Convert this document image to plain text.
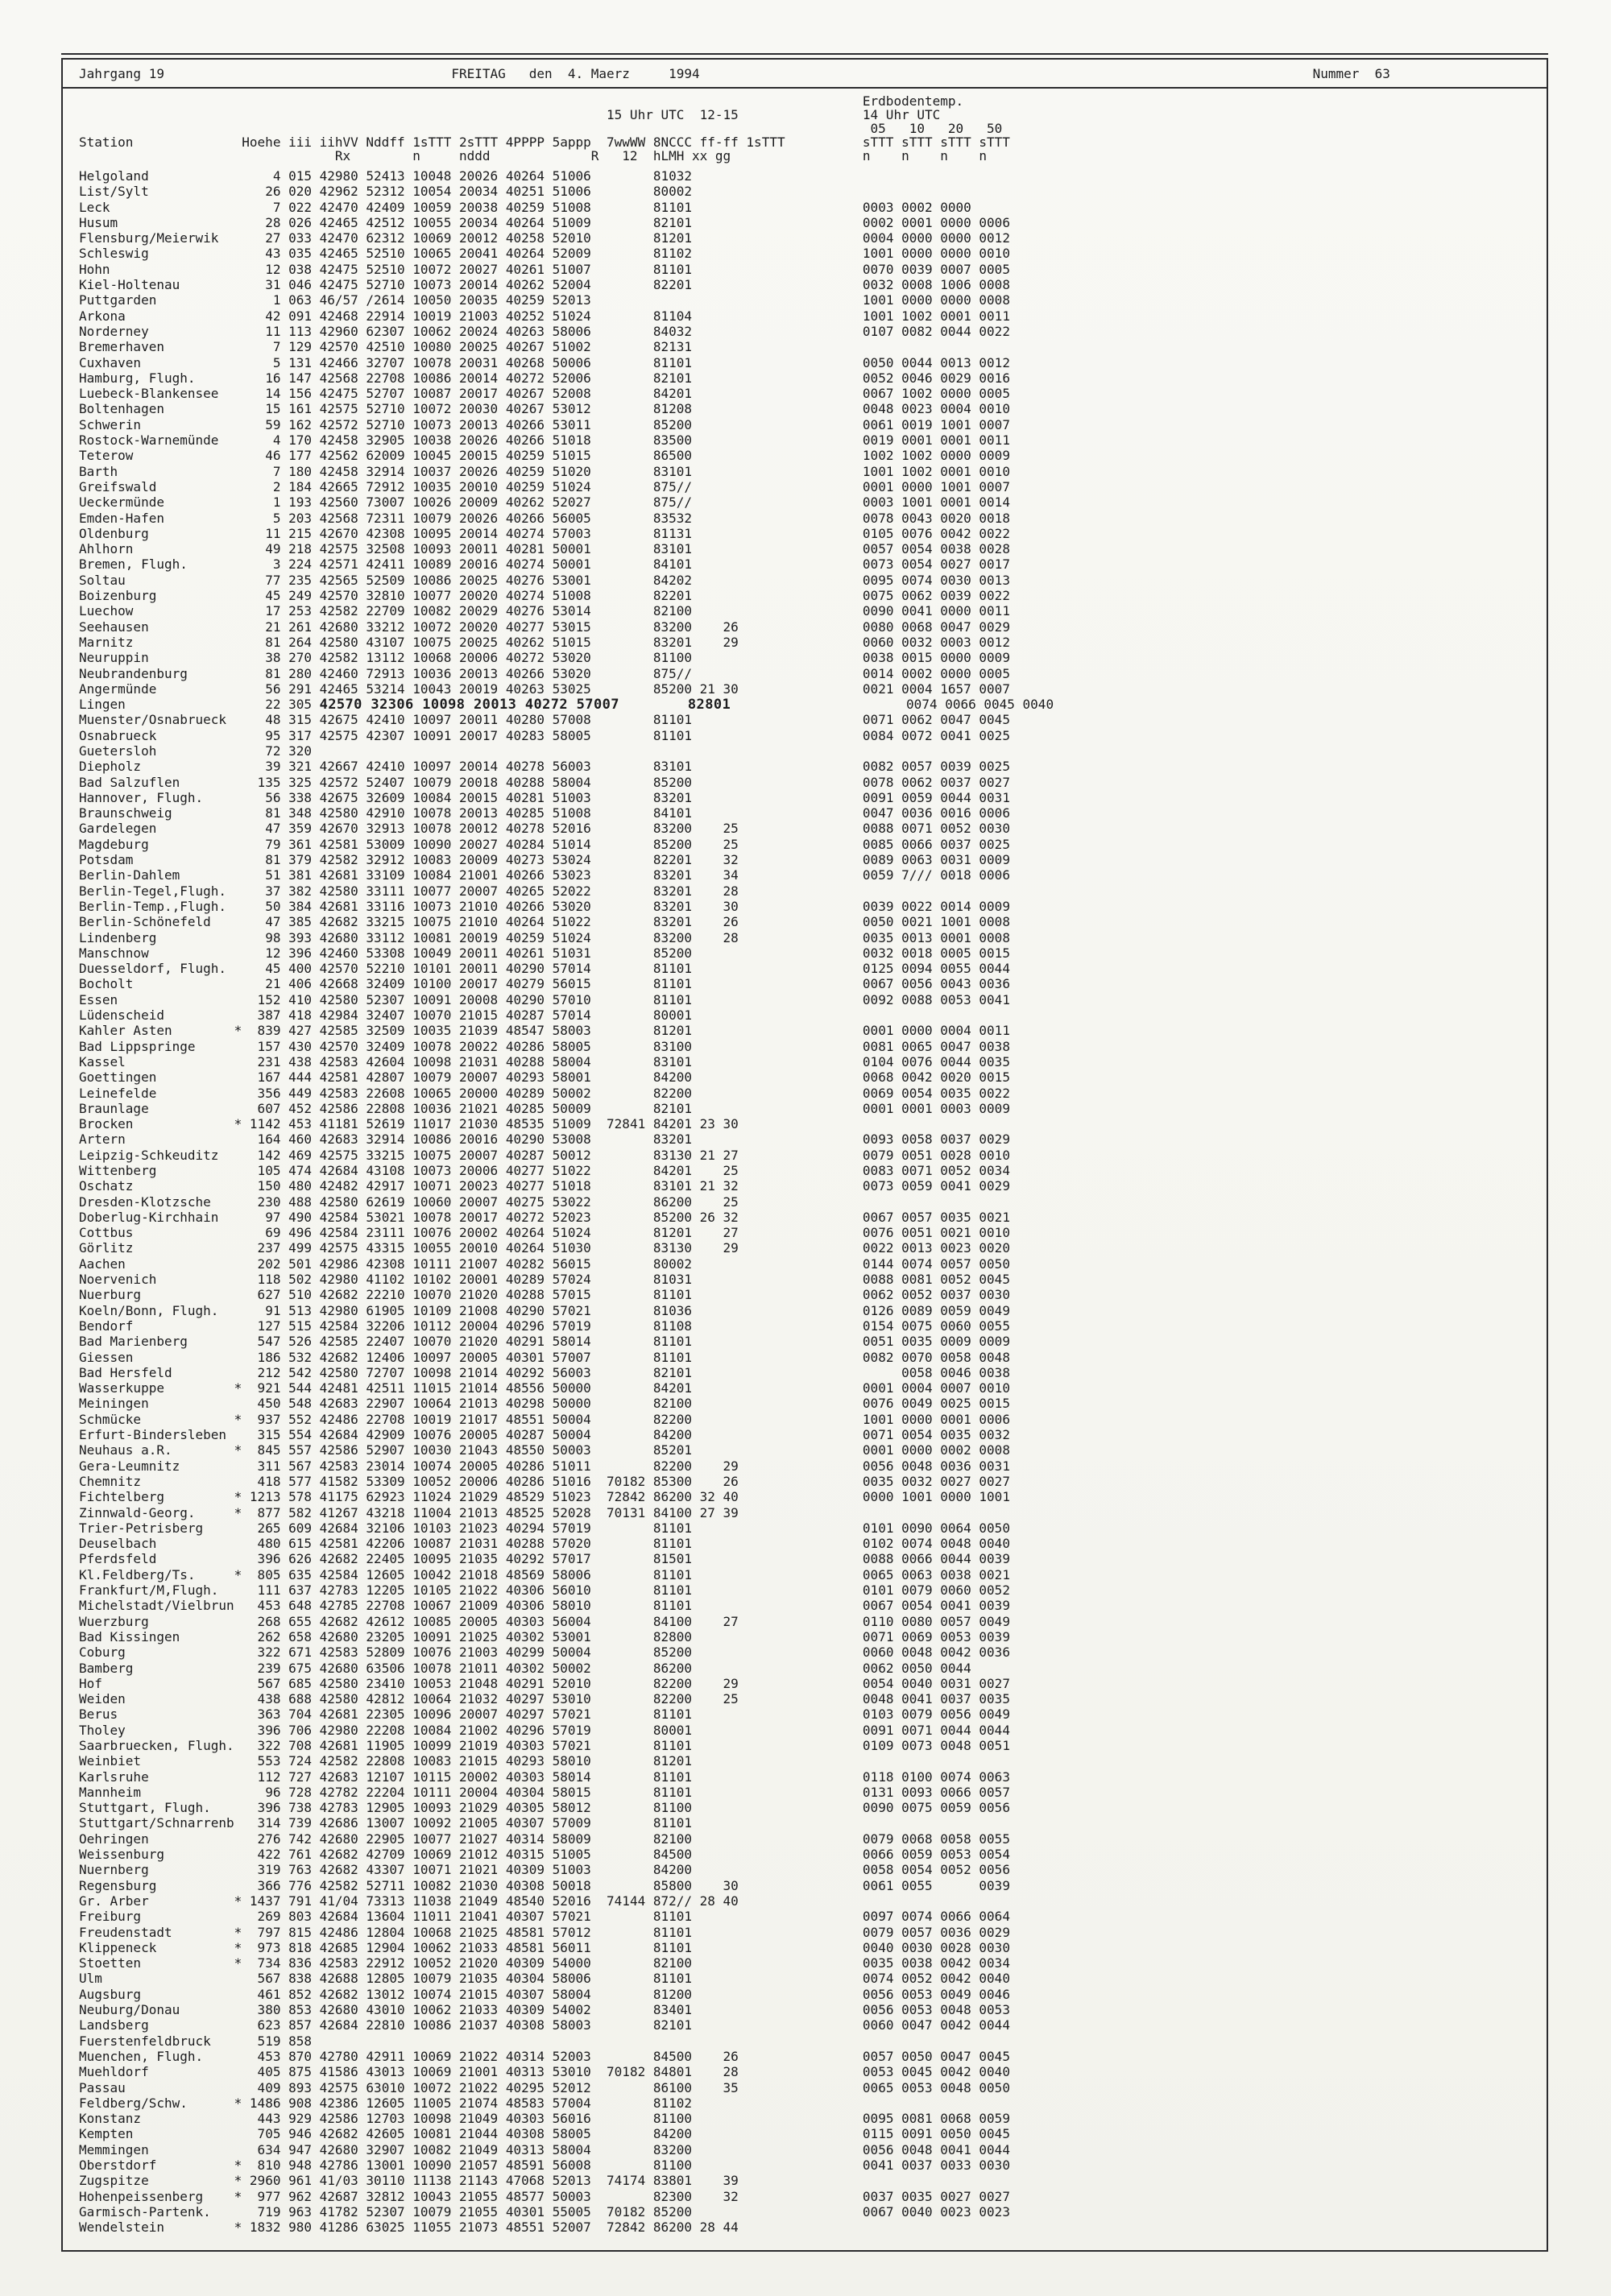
Jahrgang 19

	FREITAG

den  4. Maerz

	1994

	Nummer  63

Erdbodentemp.

15 Uhr UTC

12-15

	14 Uhr UTC

05   10   20   50

Station	Hoehe iii iihVV Nddff 1sTTT 2sTTT 4PPPP 5appp 7wwWW 8NCCC ff-ff 1sTTT	sTTT sTTT sTTT sTTT
Rx	n	nddd	R 12 hLMH xx gg	n n n n
Helgoland                4 015 42980 52413 10048 20026 40264 51006        81032
List/Sylt               26 020 42962 52312 10054 20034 40251 51006        80002
Leck                     7 022 42470 42409 10059 20038 40259 51008        81101                      0003 0002 0000
Husum                   28 026 42465 42512 10055 20034 40264 51009        82101                      0002 0001 0000 0006
Flensburg/Meierwik      27 033 42470 62312 10069 20012 40258 52010        81201                      0004 0000 0000 0012
Schleswig               43 035 42465 52510 10065 20041 40264 52009        81102                      1001 0000 0000 0010
Hohn                    12 038 42475 52510 10072 20027 40261 51007        81101                      0070 0039 0007 0005
Kiel-Holtenau           31 046 42475 52710 10073 20014 40262 52004        82201                      0032 0008 1006 0008
Puttgarden               1 063 46/57 /2614 10050 20035 40259 52013                                   1001 0000 0000 0008
Arkona                  42 091 42468 22914 10019 21003 40252 51024        81104                      1001 1002 0001 0011
Norderney               11 113 42960 62307 10062 20024 40263 58006        84032                      0107 0082 0044 0022
Bremerhaven              7 129 42570 42510 10080 20025 40267 51002        82131
Cuxhaven                 5 131 42466 32707 10078 20031 40268 50006        81101                      0050 0044 0013 0012
Hamburg, Flugh.         16 147 42568 22708 10086 20014 40272 52006        82101                      0052 0046 0029 0016
Luebeck-Blankensee      14 156 42475 52707 10087 20017 40267 52008        84201                      0067 1002 0000 0005
Boltenhagen             15 161 42575 52710 10072 20030 40267 53012        81208                      0048 0023 0004 0010
Schwerin                59 162 42572 52710 10073 20013 40266 53011        85200                      0061 0019 1001 0007
Rostock-Warnemünde       4 170 42458 32905 10038 20026 40266 51018        83500                      0019 0001 0001 0011
Teterow                 46 177 42562 62009 10045 20015 40259 51015        86500                      1002 1002 0000 0009
Barth                    7 180 42458 32914 10037 20026 40259 51020        83101                      1001 1002 0001 0010
Greifswald               2 184 42665 72912 10035 20010 40259 51024        875//                      0001 0000 1001 0007
Ueckermünde              1 193 42560 73007 10026 20009 40262 52027        875//                      0003 1001 0001 0014
Emden-Hafen              5 203 42568 72311 10079 20026 40266 56005        83532                      0078 0043 0020 0018
Oldenburg               11 215 42670 42308 10095 20014 40274 57003        81131                      0105 0076 0042 0022
Ahlhorn                 49 218 42575 32508 10093 20011 40281 50001        83101                      0057 0054 0038 0028
Bremen, Flugh.           3 224 42571 42411 10089 20016 40274 50001        84101                      0073 0054 0027 0017
Soltau                  77 235 42565 52509 10086 20025 40276 53001        84202                      0095 0074 0030 0013
Boizenburg              45 249 42570 32810 10077 20020 40274 51008        82201                      0075 0062 0039 0022
Luechow                 17 253 42582 22709 10082 20029 40276 53014        82100                      0090 0041 0000 0011
Seehausen               21 261 42680 33212 10072 20020 40277 53015        83200    26                0080 0068 0047 0029
Marnitz                 81 264 42580 43107 10075 20025 40262 51015        83201    29                0060 0032 0003 0012
Neuruppin               38 270 42582 13112 10068 20006 40272 53020        81100                      0038 0015 0000 0009
Neubrandenburg          81 280 42460 72913 10036 20013 40266 53020        875//                      0014 0002 0000 0005
Angermünde              56 291 42465 53214 10043 20019 40263 53025        85200 21 30                0021 0004 1657 0007
Lingen                  22 305 42570 32306 10098 20013 40272 57007        82801                      0074 0066 0045 0040
Muenster/Osnabrueck     48 315 42675 42410 10097 20011 40280 57008        81101                      0071 0062 0047 0045
Osnabrueck              95 317 42575 42307 10091 20017 40283 58005        81101                      0084 0072 0041 0025
Guetersloh              72 320
Diepholz                39 321 42667 42410 10097 20014 40278 56003        83101                      0082 0057 0039 0025
Bad Salzuflen          135 325 42572 52407 10079 20018 40288 58004        85200                      0078 0062 0037 0027
Hannover, Flugh.        56 338 42675 32609 10084 20015 40281 51003        83201                      0091 0059 0044 0031
Braunschweig            81 348 42580 42910 10078 20013 40285 51008        84101                      0047 0036 0016 0006
Gardelegen              47 359 42670 32913 10078 20012 40278 52016        83200    25                0088 0071 0052 0030
Magdeburg               79 361 42581 53009 10090 20027 40284 51014        85200    25                0085 0066 0037 0025
Potsdam                 81 379 42582 32912 10083 20009 40273 53024        82201    32                0089 0063 0031 0009
Berlin-Dahlem           51 381 42681 33109 10084 21001 40266 53023        83201    34                0059 7/// 0018 0006
Berlin-Tegel,Flugh.     37 382 42580 33111 10077 20007 40265 52022        83201    28
Berlin-Temp.,Flugh.     50 384 42681 33116 10073 21010 40266 53020        83201    30                0039 0022 0014 0009
Berlin-Schönefeld       47 385 42682 33215 10075 21010 40264 51022        83201    26                0050 0021 1001 0008
Lindenberg              98 393 42680 33112 10081 20019 40259 51024        83200    28                0035 0013 0001 0008
Manschnow               12 396 42460 53308 10049 20011 40261 51031        85200                      0032 0018 0005 0015
Duesseldorf, Flugh.     45 400 42570 52210 10101 20011 40290 57014        81101                      0125 0094 0055 0044
Bocholt                 21 406 42668 32409 10100 20017 40279 56015        81101                      0067 0056 0043 0036
Essen                  152 410 42580 52307 10091 20008 40290 57010        81101                      0092 0088 0053 0041
Lüdenscheid            387 418 42984 32407 10070 21015 40287 57014        80001
Kahler Asten        *  839 427 42585 32509 10035 21039 48547 58003        81201                      0001 0000 0004 0011
Bad Lippspringe        157 430 42570 32409 10078 20022 40286 58005        83100                      0081 0065 0047 0038
Kassel                 231 438 42583 42604 10098 21031 40288 58004        83101                      0104 0076 0044 0035
Goettingen             167 444 42581 42807 10079 20007 40293 58001        84200                      0068 0042 0020 0015
Leinefelde             356 449 42583 22608 10065 20000 40289 50002        82200                      0069 0054 0035 0022
Braunlage              607 452 42586 22808 10036 21021 40285 50009        82101                      0001 0001 0003 0009
Brocken             * 1142 453 41181 52619 11017 21030 48535 51009  72841 84201 23 30
Artern                 164 460 42683 32914 10086 20016 40290 53008        83201                      0093 0058 0037 0029
Leipzig-Schkeuditz     142 469 42575 33215 10075 20007 40287 50012        83130 21 27                0079 0051 0028 0010
Wittenberg             105 474 42684 43108 10073 20006 40277 51022        84201    25                0083 0071 0052 0034
Oschatz                150 480 42482 42917 10071 20023 40277 51018        83101 21 32                0073 0059 0041 0029
Dresden-Klotzsche      230 488 42580 62619 10060 20007 40275 53022        86200    25
Doberlug-Kirchhain      97 490 42584 53021 10078 20017 40272 52023        85200 26 32                0067 0057 0035 0021
Cottbus                 69 496 42584 23111 10076 20002 40264 51024        81201    27                0076 0051 0021 0010
Görlitz                237 499 42575 43315 10055 20010 40264 51030        83130    29                0022 0013 0023 0020
Aachen                 202 501 42986 42308 10111 21007 40282 56015        80002                      0144 0074 0057 0050
Noervenich             118 502 42980 41102 10102 20001 40289 57024        81031                      0088 0081 0052 0045
Nuerburg               627 510 42682 22210 10070 21020 40288 57015        81101                      0062 0052 0037 0030
Koeln/Bonn, Flugh.      91 513 42980 61905 10109 21008 40290 57021        81036                      0126 0089 0059 0049
Bendorf                127 515 42584 32206 10112 20004 40296 57019        81108                      0154 0075 0060 0055
Bad Marienberg         547 526 42585 22407 10070 21020 40291 58014        81101                      0051 0035 0009 0009
Giessen                186 532 42682 12406 10097 20005 40301 57007        81101                      0082 0070 0058 0048
Bad Hersfeld           212 542 42580 72707 10098 21014 40292 56003        82101                           0058 0046 0038
Wasserkuppe         *  921 544 42481 42511 11015 21014 48556 50000        84201                      0001 0004 0007 0010
Meiningen              450 548 42683 22907 10064 21013 40298 50000        82100                      0076 0049 0025 0015
Schmücke            *  937 552 42486 22708 10019 21017 48551 50004        82200                      1001 0000 0001 0006
Erfurt-Bindersleben    315 554 42684 42909 10076 20005 40287 50004        84200                      0071 0054 0035 0032
Neuhaus a.R.        *  845 557 42586 52907 10030 21043 48550 50003        85201                      0001 0000 0002 0008
Gera-Leumnitz          311 567 42583 23014 10074 20005 40286 51011        82200    29                0056 0048 0036 0031
Chemnitz               418 577 41582 53309 10052 20006 40286 51016  70182 85300    26                0035 0032 0027 0027
Fichtelberg         * 1213 578 41175 62923 11024 21029 48529 51023  72842 86200 32 40                0000 1001 0000 1001
Zinnwald-Georg.     *  877 582 41267 43218 11004 21013 48525 52028  70131 84100 27 39
Trier-Petrisberg       265 609 42684 32106 10103 21023 40294 57019        81101                      0101 0090 0064 0050
Deuselbach             480 615 42581 42206 10087 21031 40288 57020        81101                      0102 0074 0048 0040
Pferdsfeld             396 626 42682 22405 10095 21035 40292 57017        81501                      0088 0066 0044 0039
Kl.Feldberg/Ts.     *  805 635 42584 12605 10042 21018 48569 58006        81101                      0065 0063 0038 0021
Frankfurt/M,Flugh.     111 637 42783 12205 10105 21022 40306 56010        81101                      0101 0079 0060 0052
Michelstadt/Vielbrun   453 648 42785 22708 10067 21009 40306 58010        81101                      0067 0054 0041 0039
Wuerzburg              268 655 42682 42612 10085 20005 40303 56004        84100    27                0110 0080 0057 0049
Bad Kissingen          262 658 42680 23205 10091 21025 40302 53001        82800                      0071 0069 0053 0039
Coburg                 322 671 42583 52809 10076 21003 40299 50004        85200                      0060 0048 0042 0036
Bamberg                239 675 42680 63506 10078 21011 40302 50002        86200                      0062 0050 0044
Hof                    567 685 42580 23410 10053 21048 40291 52010        82200    29                0054 0040 0031 0027
Weiden                 438 688 42580 42812 10064 21032 40297 53010        82200    25                0048 0041 0037 0035
Berus                  363 704 42681 22305 10096 20007 40297 57021        81101                      0103 0079 0056 0049
Tholey                 396 706 42980 22208 10084 21002 40296 57019        80001                      0091 0071 0044 0044
Saarbruecken, Flugh.   322 708 42681 11905 10099 21019 40303 57021        81101                      0109 0073 0048 0051
Weinbiet               553 724 42582 22808 10083 21015 40293 58010        81201
Karlsruhe              112 727 42683 12107 10115 20002 40303 58014        81101                      0118 0100 0074 0063
Mannheim                96 728 42782 22204 10111 20004 40304 58015        81101                      0131 0093 0066 0057
Stuttgart, Flugh.      396 738 42783 12905 10093 21029 40305 58012        81100                      0090 0075 0059 0056
Stuttgart/Schnarrenb   314 739 42686 13007 10092 21005 40307 57009        81101
Oehringen              276 742 42680 22905 10077 21027 40314 58009        82100                      0079 0068 0058 0055
Weissenburg            422 761 42682 42709 10069 21012 40315 51005        84500                      0066 0059 0053 0054
Nuernberg              319 763 42682 43307 10071 21021 40309 51003        84200                      0058 0054 0052 0056
Regensburg             366 776 42582 52711 10082 21030 40308 50018        85800    30                0061 0055      0039
Gr. Arber           * 1437 791 41/04 73313 11038 21049 48540 52016  74144 872// 28 40
Freiburg               269 803 42684 13604 11011 21041 40307 57021        81101                      0097 0074 0066 0064
Freudenstadt        *  797 815 42486 12804 10068 21025 48581 57012        81101                      0079 0057 0036 0029
Klippeneck          *  973 818 42685 12904 10062 21033 48581 56011        81101                      0040 0030 0028 0030
Stoetten            *  734 836 42583 22912 10052 21020 40309 54000        82100                      0035 0038 0042 0034
Ulm                    567 838 42688 12805 10079 21035 40304 58006        81101                      0074 0052 0042 0040
Augsburg               461 852 42682 13012 10074 21015 40307 58004        81200                      0056 0053 0049 0046
Neuburg/Donau          380 853 42680 43010 10062 21033 40309 54002        83401                      0056 0053 0048 0053
Landsberg              623 857 42684 22810 10086 21037 40308 58003        82101                      0060 0047 0042 0044
Fuerstenfeldbruck      519 858
Muenchen, Flugh.       453 870 42780 42911 10069 21022 40314 52003        84500    26                0057 0050 0047 0045
Muehldorf              405 875 41586 43013 10069 21001 40313 53010  70182 84801    28                0053 0045 0042 0040
Passau                 409 893 42575 63010 10072 21022 40295 52012        86100    35                0065 0053 0048 0050
Feldberg/Schw.      * 1486 908 42386 12605 11005 21074 48583 57004        81102
Konstanz               443 929 42586 12703 10098 21049 40303 56016        81100                      0095 0081 0068 0059
Kempten                705 946 42682 42605 10081 21044 40308 58005        84200                      0115 0091 0050 0045
Memmingen              634 947 42680 32907 10082 21049 40313 58004        83200                      0056 0048 0041 0044
Oberstdorf          *  810 948 42786 13001 10090 21057 48591 56008        81100                      0041 0037 0033 0030
Zugspitze           * 2960 961 41/03 30110 11138 21143 47068 52013  74174 83801    39
Hohenpeissenberg    *  977 962 42687 32812 10043 21055 48577 50003        82300    32                0037 0035 0027 0027
Garmisch-Partenk.      719 963 41782 52307 10079 21055 40301 55005  70182 85200                      0067 0040 0023 0023
Wendelstein         * 1832 980 41286 63025 11055 21073 48551 52007  72842 86200 28 44
